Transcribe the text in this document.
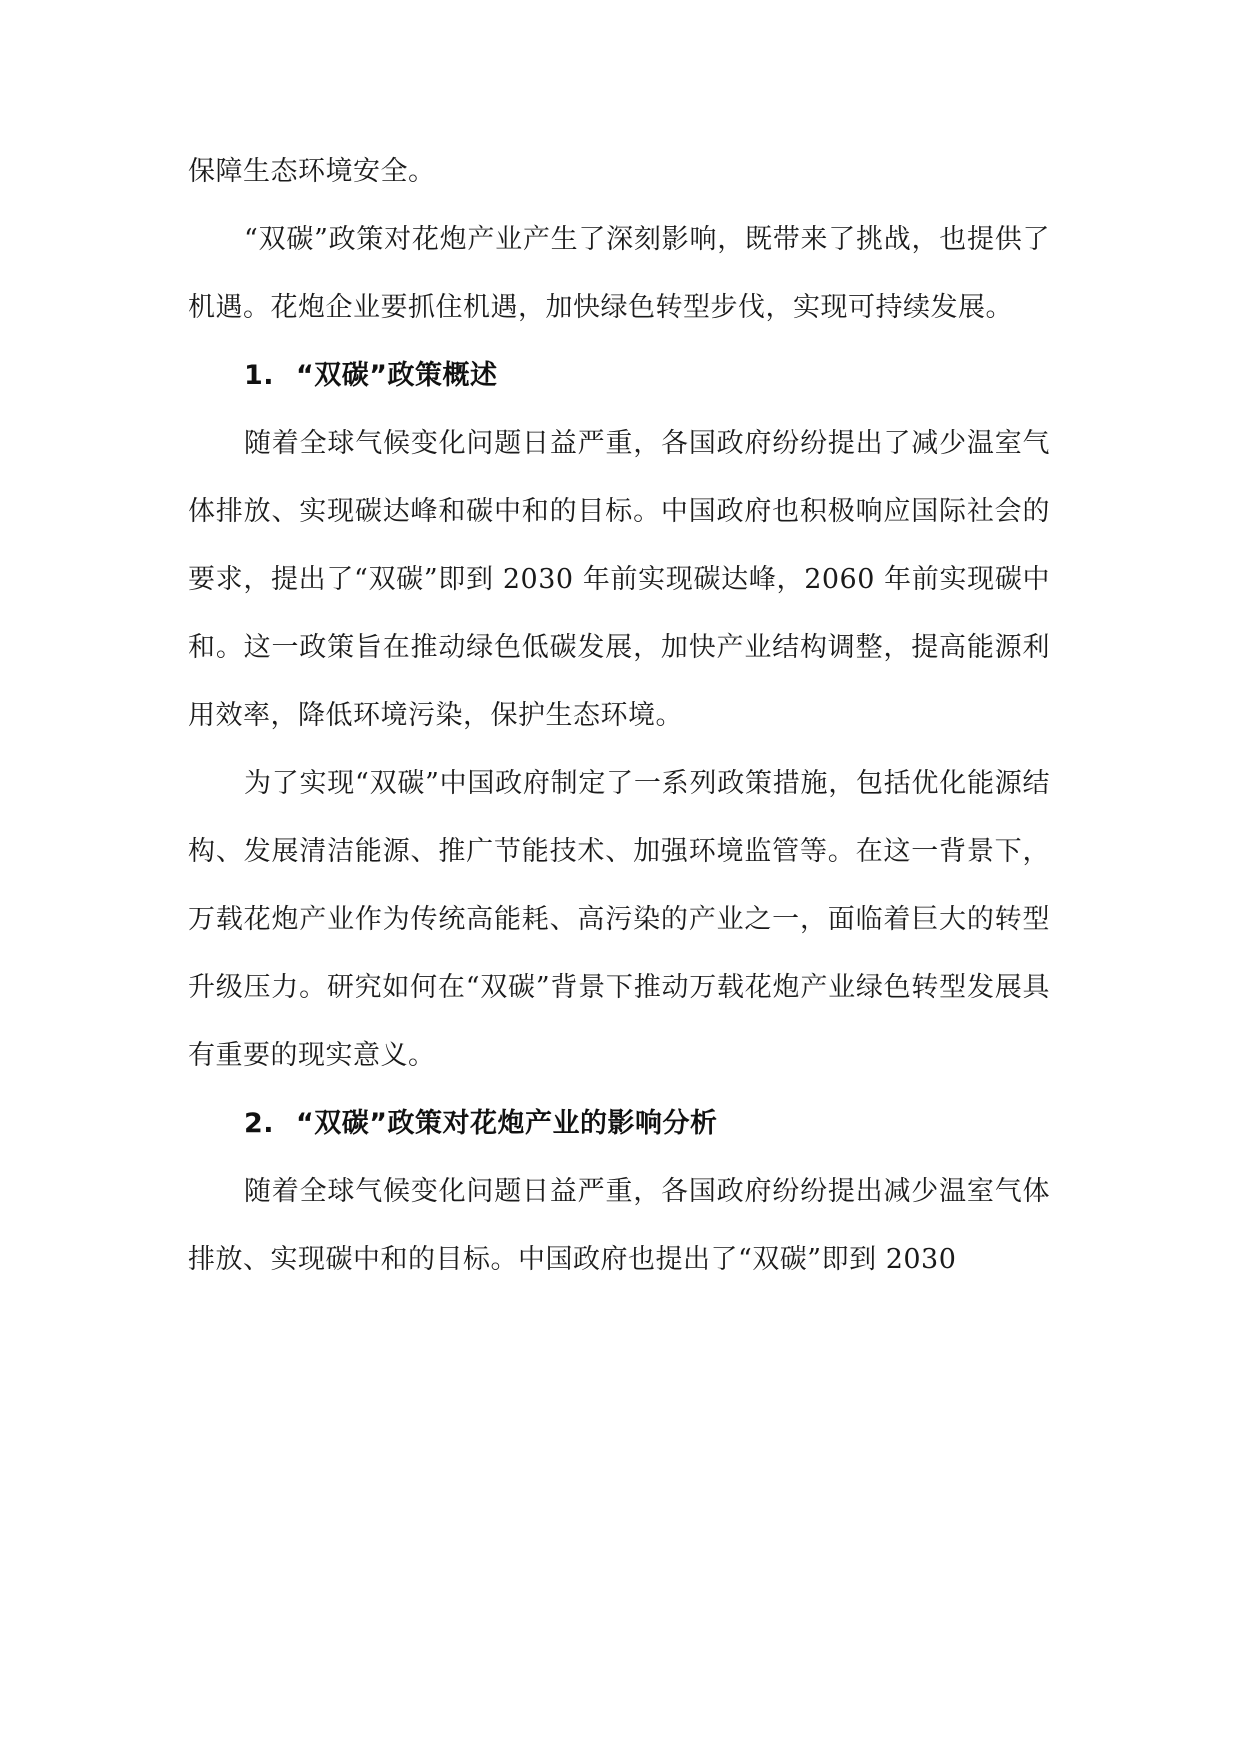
保障生态环境安全。

“双碳”政策对花炮产业产生了深刻影响，既带来了挑战，也提供了机遇。花炮企业要抓住机遇，加快绿色转型步伐，实现可持续发展。

1. “双碳”政策概述

随着全球气候变化问题日益严重，各国政府纷纷提出了减少温室气体排放、实现碳达峰和碳中和的目标。中国政府也积极响应国际社会的要求，提出了“双碳”即到 2030 年前实现碳达峰，2060 年前实现碳中和。这一政策旨在推动绿色低碳发展，加快产业结构调整，提高能源利用效率，降低环境污染，保护生态环境。

为了实现“双碳”中国政府制定了一系列政策措施，包括优化能源结构、发展清洁能源、推广节能技术、加强环境监管等。在这一背景下，万载花炮产业作为传统高能耗、高污染的产业之一，面临着巨大的转型升级压力。研究如何在“双碳”背景下推动万载花炮产业绿色转型发展具有重要的现实意义。

2. “双碳”政策对花炮产业的影响分析

随着全球气候变化问题日益严重，各国政府纷纷提出减少温室气体排放、实现碳中和的目标。中国政府也提出了“双碳”即到 2030
